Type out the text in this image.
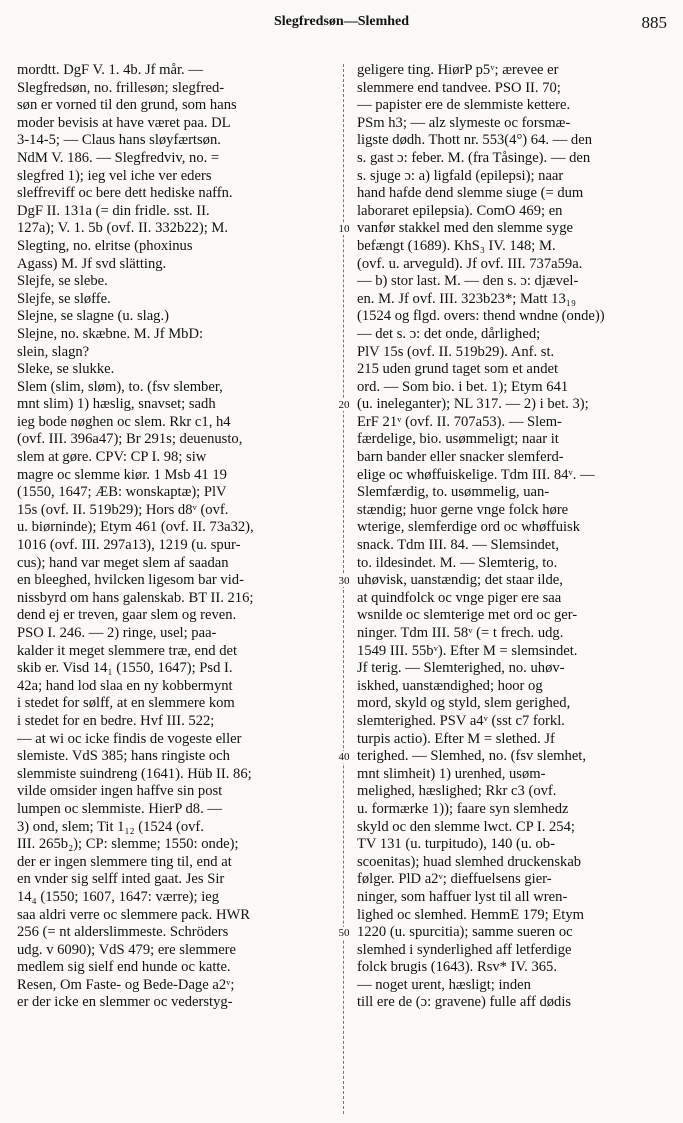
Slegfredsøn—Slemhed	885
mordtt. DgF V. 1. 4b. Jf mår. —
Slegfredsøn, no. frillesøn; slegfred-
søn er vorned til den grund, som hans
moder bevisis at have været paa. DL
3-14-5; — Claus hans sløyfærtsøn.
NdM V. 186. — Slegfredviv, no. =
slegfred 1); ieg vel iche ver eders
sleffreviff oc bere dett hediske naffn.
DgF II. 131a (= din fridle. sst. II.
127a); V. 1. 5b (ovf. II. 332b22); M.
Slegting, no. elritse (phoxinus
Agass) M. Jf svd slätting.
Slejfe, se slebe.
Slejfe, se sløffe.
Slejne, se slagne (u. slag.)
Slejne, no. skæbne. M. Jf MbD:
slein, slagn?
Sleke, se slukke.
Slem (slim, sløm), to. (fsv slember,
mnt slim) 1) hæslig, snavset; sadh
ieg bode nøghen oc slem. Rkr c1, h4
(ovf. III. 396a47); Br 291s; deuenusto,
slem at gøre. CPV: CP I. 98; siw
magre oc slemme kiør. 1 Msb 41 19
(1550, 1647; ÆB: wonskaptæ); PlV
15s (ovf. II. 519b29); Hors d8ᵛ (ovf.
u. biørninde); Etym 461 (ovf. II. 73a32),
1016 (ovf. III. 297a13), 1219 (u. spur-
cus); hand var meget slem af saadan
en bleeghed, hvilcken ligesom bar vid-
nissbyrd om hans galenskab. BT II. 216;
dend ej er treven, gaar slem og reven.
PSO I. 246. — 2) ringe, usel; paa-
kalder it meget slemmere træ, end det
skib er. Visd 14₁ (1550, 1647); Psd I.
42a; hand lod slaa en ny kobbermynt
i stedet for sølff, at en slemmere kom
i stedet for en bedre. Hvf III. 522;
— at wi oc icke findis de vogeste eller
slemiste. VdS 385; hans ringiste och
slemmiste suindreng (1641). Hüb II. 86;
vilde omsider ingen haffve sin post
lumpen oc slemmiste. HierP d8. —
3) ond, slem; Tit 1₁₂ (1524 (ovf.
III. 265b₂); CP: slemme; 1550: onde);
der er ingen slemmere ting til, end at
en vnder sig selff inted gaat. Jes Sir
14₄ (1550; 1607, 1647: værre); ieg
saa aldri verre oc slemmere pack. HWR
256 (= nt alderslimmeste. Schröders
udg. v 6090); VdS 479; ere slemmere
medlem sig sielf end hunde oc katte.
Resen, Om Faste- og Bede-Dage a2ᵛ;
er der icke en slemmer oc vederstyg-
geligere ting. HiørP p5ᵛ; ærevee er
slemmere end tandvee. PSO II. 70;
— papister ere de slemmiste kettere.
PSm h3; — alz slymeste oc forsmæ-
ligste dødh. Thott nr. 553(4°) 64. — den
s. gast ɔ: feber. M. (fra Tåsinge). — den
s. sjuge ɔ: a) ligfald (epilepsi); naar
hand hafde dend slemme siuge (= dum
laboraret epilepsia). ComO 469; en
vanfør stakkel med den slemme syge
befængt (1689). KhS₃ IV. 148; M.
(ovf. u. arveguld). Jf ovf. III. 737a59a.
— b) stor last. M. — den s. ɔ: djævel-
en. M. Jf ovf. III. 323b23*; Matt 13₁₉
(1524 og flgd. overs: thend wndne (onde))
— det s. ɔ: det onde, dårlighed;
PlV 15s (ovf. II. 519b29). Anf. st.
215 uden grund taget som et andet
ord. — Som bio. i bet. 1); Etym 641
(u. ineleganter); NL 317. — 2) i bet. 3);
ErF 21ᵛ (ovf. II. 707a53). — Slem-
færdelige, bio. usømmeligt; naar it
barn bander eller snacker slemferd-
elige oc whøffuiskelige. Tdm III. 84ᵛ. —
Slemfærdig, to. usømmelig, uan-
stændig; huor gerne vnge folck høre
wterige, slemferdige ord oc whøffuisk
snack. Tdm III. 84. — Slemsindet,
to. ildesindet. M. — Slemterig, to.
uhøvisk, uanstændig; det staar ilde,
at quindfolck oc vnge piger ere saa
wsnilde oc slemterige met ord oc ger-
ninger. Tdm III. 58ᵛ (= t frech. udg.
1549 III. 55bᵛ). Efter M = slemsindet.
Jf terig. — Slemterighed, no. uhøv-
iskhed, uanstændighed; hoor og
mord, skyld og styld, slem gerighed,
slemterighed. PSV a4ᵛ (sst c7 forkl.
turpis actio). Efter M = slethed. Jf
terighed. — Slemhed, no. (fsv slemhet,
mnt slimheit) 1) urenhed, usøm-
melighed, hæslighed; Rkr c3 (ovf.
u. formærke 1)); faare syn slemhedz
skyld oc den slemme lwct. CP I. 254;
TV 131 (u. turpitudo), 140 (u. ob-
scoenitas); huad slemhed druckenskab
følger. PlD a2ᵛ; dieffuelsens gier-
ninger, som haffuer lyst til all wren-
lighed oc slemhed. HemmE 179; Etym
1220 (u. spurcitia); samme sueren oc
slemhed i synderlighed aff letferdige
folck brugis (1643). Rsv* IV. 365.
— noget urent, hæsligt; inden
till ere de (ɔ: gravene) fulle aff dødis
10
20
30
40
50
